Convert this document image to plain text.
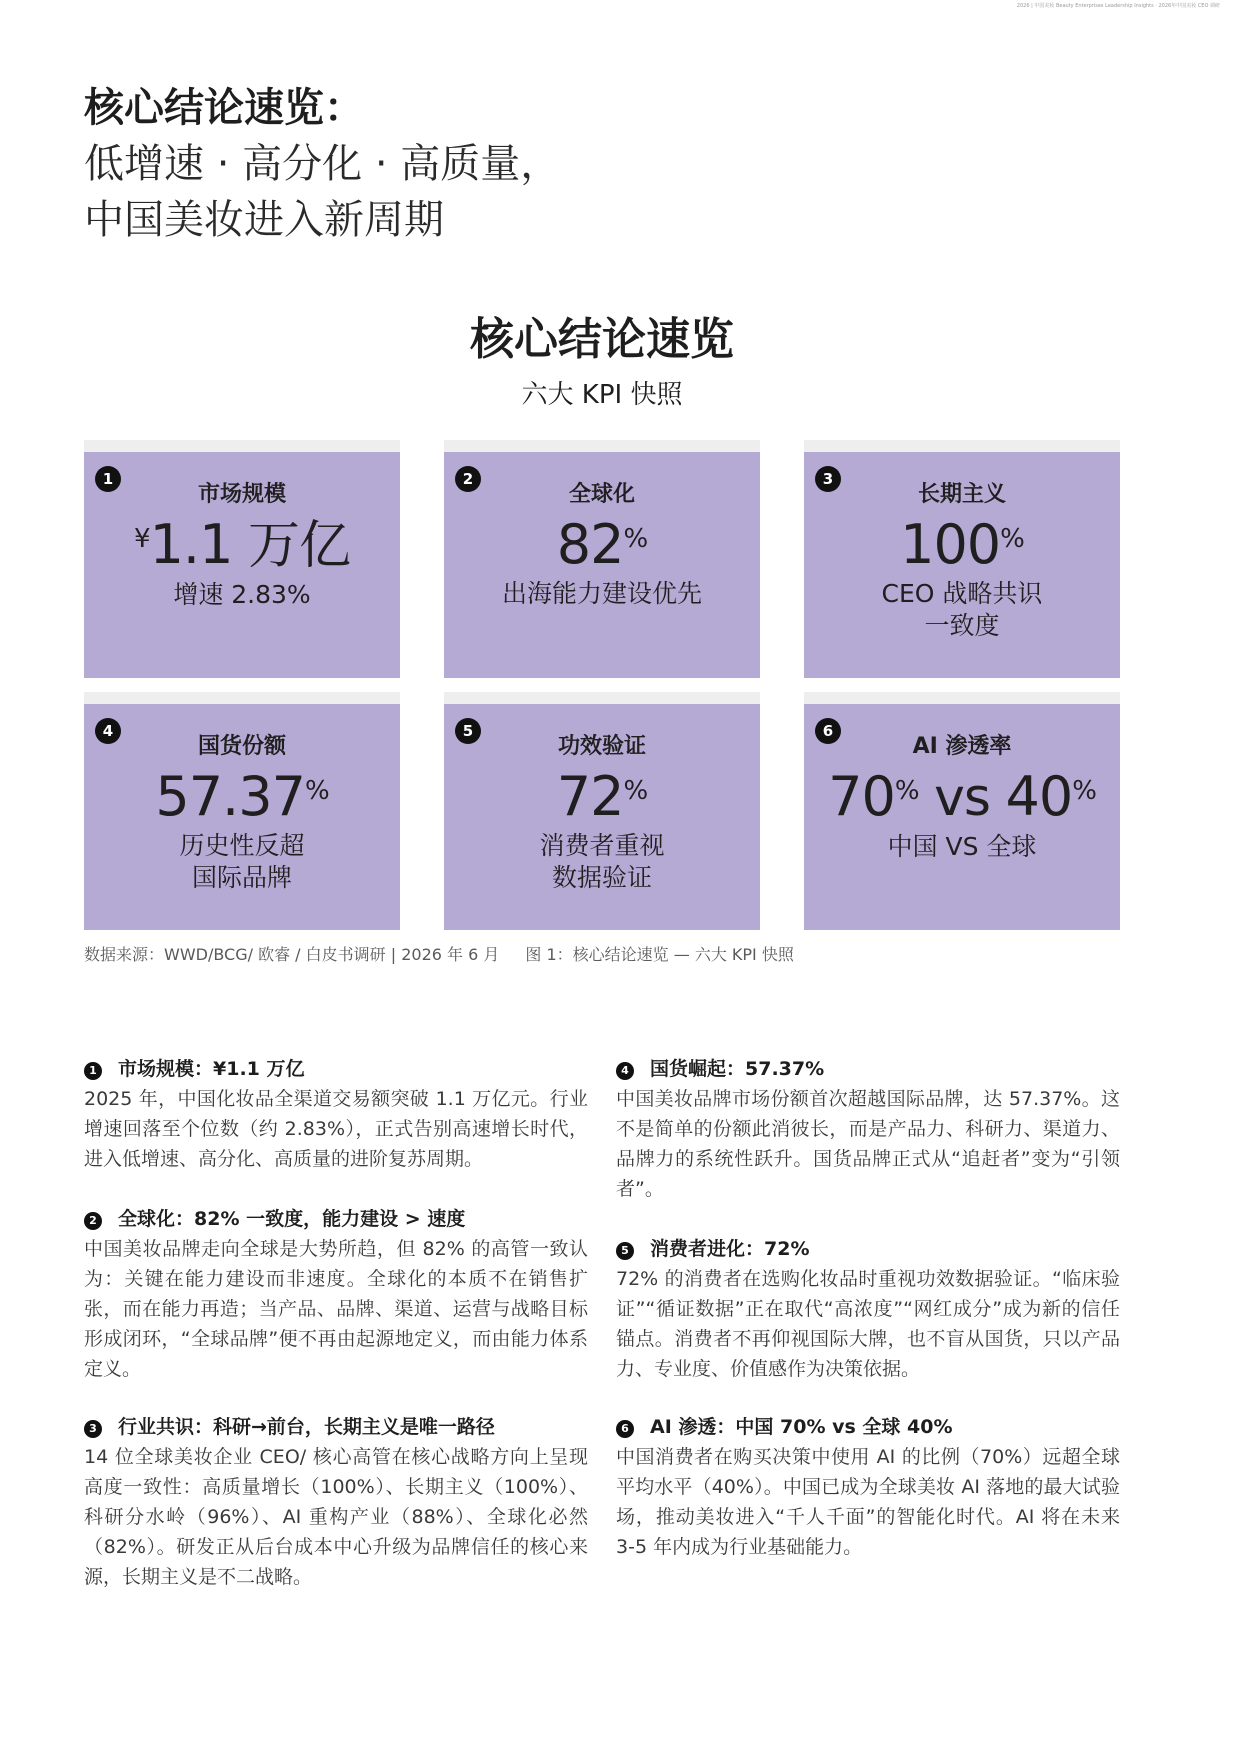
2026 | 中国美妆 Beauty Enterprises Leadership Insights · 2026年中国美妆 CEO 调研
核心结论速览：
低增速 · 高分化 · 高质量，
中国美妆进入新周期
核心结论速览
六大 KPI 快照
1
市场规模
¥1.1 万亿
增速 2.83%
2
全球化
82%
出海能力建设优先
3
长期主义
100%
CEO 战略共识
一致度
4
国货份额
57.37%
历史性反超
国际品牌
5
功效验证
72%
消费者重视
数据验证
6
AI 渗透率
70% vs 40%
中国 VS 全球
数据来源：WWD/BCG/ 欧睿 / 白皮书调研 | 2026 年 6 月 图 1：核心结论速览 — 六大 KPI 快照
1 市场规模：¥1.1 万亿
2025 年，中国化妆品全渠道交易额突破 1.1 万亿元。行业增速回落至个位数（约 2.83%），正式告别高速增长时代，进入低增速、高分化、高质量的进阶复苏周期。
2 全球化：82% 一致度，能力建设 > 速度
中国美妆品牌走向全球是大势所趋，但 82% 的高管一致认为：关键在能力建设而非速度。全球化的本质不在销售扩张，而在能力再造；当产品、品牌、渠道、运营与战略目标形成闭环，“全球品牌”便不再由起源地定义，而由能力体系定义。
3 行业共识：科研→前台，长期主义是唯一路径
14 位全球美妆企业 CEO/ 核心高管在核心战略方向上呈现高度一致性：高质量增长（100%）、长期主义（100%）、科研分水岭（96%）、AI 重构产业（88%）、全球化必然（82%）。研发正从后台成本中心升级为品牌信任的核心来源，长期主义是不二战略。
4 国货崛起：57.37%
中国美妆品牌市场份额首次超越国际品牌，达 57.37%。这不是简单的份额此消彼长，而是产品力、科研力、渠道力、品牌力的系统性跃升。国货品牌正式从“追赶者”变为“引领者”。
5 消费者进化：72%
72% 的消费者在选购化妆品时重视功效数据验证。“临床验证”“循证数据”正在取代“高浓度”“网红成分”成为新的信任锚点。消费者不再仰视国际大牌，也不盲从国货，只以产品力、专业度、价值感作为决策依据。
6 AI 渗透：中国 70% vs 全球 40%
中国消费者在购买决策中使用 AI 的比例（70%）远超全球平均水平（40%）。中国已成为全球美妆 AI 落地的最大试验场，推动美妆进入“千人千面”的智能化时代。AI 将在未来 3-5 年内成为行业基础能力。
